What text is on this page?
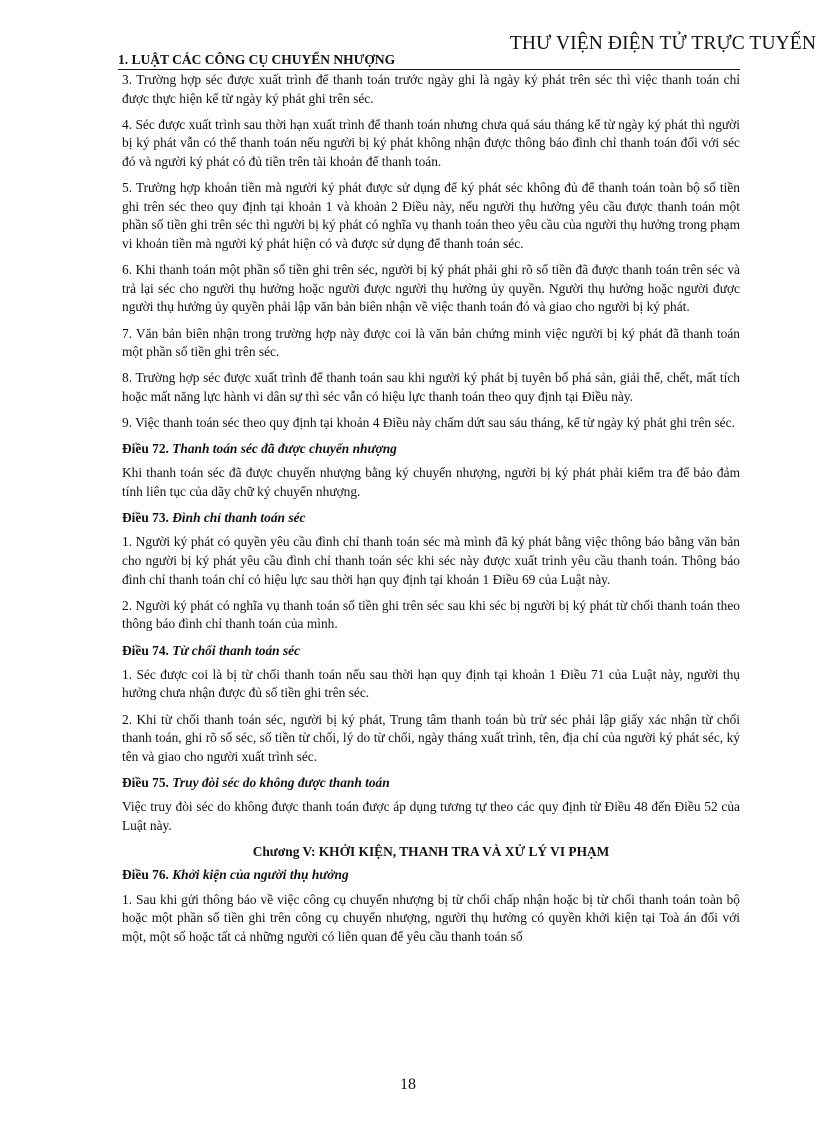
THƯ VIỆN ĐIỆN TỬ TRỰC TUYẾN
1. LUẬT CÁC CÔNG CỤ CHUYỂN NHƯỢNG

3. Trường hợp séc được xuất trình để thanh toán trước ngày ghi là ngày ký phát trên séc thì việc thanh toán chỉ được thực hiện kể từ ngày ký phát ghi trên séc.

4. Séc được xuất trình sau thời hạn xuất trình để thanh toán nhưng chưa quá sáu tháng kể từ ngày ký phát thì người bị ký phát vẫn có thể thanh toán nếu người bị ký phát không nhận được thông báo đình chỉ thanh toán đối với séc đó và người ký phát có đủ tiền trên tài khoản để thanh toán.

5. Trường hợp khoản tiền mà người ký phát được sử dụng để ký phát séc không đủ để thanh toán toàn bộ số tiền ghi trên séc theo quy định tại khoản 1 và khoản 2 Điều này, nếu người thụ hưởng yêu cầu được thanh toán một phần số tiền ghi trên séc thì người bị ký phát có nghĩa vụ thanh toán theo yêu cầu của người thụ hưởng trong phạm vi khoản tiền mà người ký phát hiện có và được sử dụng để thanh toán séc.

6. Khi thanh toán một phần số tiền ghi trên séc, người bị ký phát phải ghi rõ số tiền đã được thanh toán trên séc và trả lại séc cho người thụ hưởng hoặc người được người thụ hưởng ủy quyền. Người thụ hưởng hoặc người được người thụ hưởng ủy quyền phải lập văn bản biên nhận về việc thanh toán đó và giao cho người bị ký phát.

7. Văn bản biên nhận trong trường hợp này được coi là văn bản chứng minh việc người bị ký phát đã thanh toán một phần số tiền ghi trên séc.

8. Trường hợp séc được xuất trình để thanh toán sau khi người ký phát bị tuyên bố phá sản, giải thể, chết, mất tích hoặc mất năng lực hành vi dân sự thì séc vẫn có hiệu lực thanh toán theo quy định tại Điều này.

9. Việc thanh toán séc theo quy định tại khoản 4 Điều này chấm dứt sau sáu tháng, kể từ ngày ký phát ghi trên séc.

Điều 72. Thanh toán séc đã được chuyển nhượng

Khi thanh toán séc đã được chuyển nhượng bằng ký chuyển nhượng, người bị ký phát phải kiểm tra để bảo đảm tính liên tục của dãy chữ ký chuyển nhượng.

Điều 73. Đình chỉ thanh toán séc

1. Người ký phát có quyền yêu cầu đình chỉ thanh toán séc mà mình đã ký phát bằng việc thông báo bằng văn bản cho người bị ký phát yêu cầu đình chỉ thanh toán séc khi séc này được xuất trình yêu cầu thanh toán. Thông báo đình chỉ thanh toán chỉ có hiệu lực sau thời hạn quy định tại khoản 1 Điều 69 của Luật này.

2. Người ký phát có nghĩa vụ thanh toán số tiền ghi trên séc sau khi séc bị người bị ký phát từ chối thanh toán theo thông báo đình chỉ thanh toán của mình.

Điều 74. Từ chối thanh toán séc

1. Séc được coi là bị từ chối thanh toán nếu sau thời hạn quy định tại khoản 1 Điều 71 của Luật này, người thụ hưởng chưa nhận được đủ số tiền ghi trên séc.

2. Khi từ chối thanh toán séc, người bị ký phát, Trung tâm thanh toán bù trừ séc phải lập giấy xác nhận từ chối thanh toán, ghi rõ số séc, số tiền từ chối, lý do từ chối, ngày tháng xuất trình, tên, địa chỉ của người ký phát séc, ký tên và giao cho người xuất trình séc.

Điều 75. Truy đòi séc do không được thanh toán

Việc truy đòi séc do không được thanh toán được áp dụng tương tự theo các quy định từ Điều 48 đến Điều 52 của Luật này.

Chương V: KHỞI KIỆN, THANH TRA VÀ XỬ LÝ VI PHẠM

Điều 76. Khởi kiện của người thụ hưởng

1. Sau khi gửi thông báo về việc công cụ chuyển nhượng bị từ chối chấp nhận hoặc bị từ chối thanh toán toàn bộ hoặc một phần số tiền ghi trên công cụ chuyển nhượng, người thụ hưởng có quyền khởi kiện tại Toà án đối với một, một số hoặc tất cả những người có liên quan để yêu cầu thanh toán số

18
